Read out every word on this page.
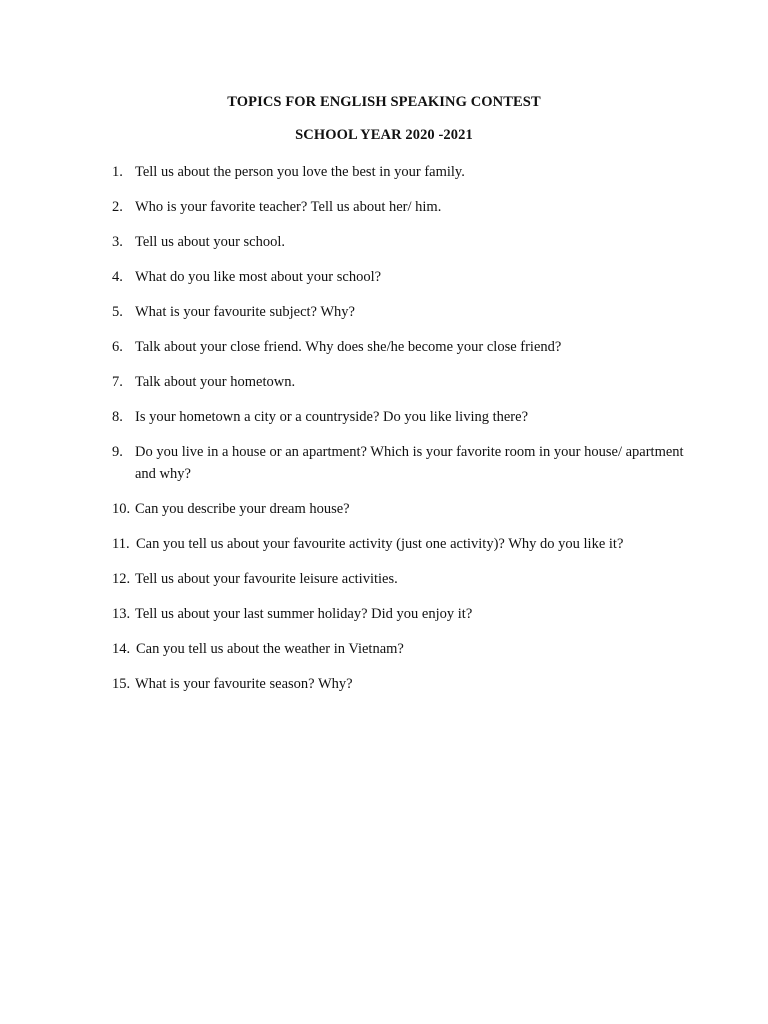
TOPICS FOR ENGLISH SPEAKING CONTEST
SCHOOL YEAR 2020 -2021
1. Tell us about the person you love the best in your family.
2. Who is your favorite teacher? Tell us about her/ him.
3. Tell us about your school.
4. What do you like most about your school?
5. What is your favourite subject? Why?
6. Talk about your close friend. Why does she/he become your close friend?
7. Talk about your hometown.
8. Is your hometown a city or a countryside? Do you like living there?
9. Do you live in a house or an apartment? Which is your favorite room in your house/ apartment and why?
10. Can you describe your dream house?
11. Can you tell us about your favourite activity (just one activity)? Why do you like it?
12. Tell us about your favourite leisure activities.
13. Tell us about your last summer holiday? Did you enjoy it?
14. Can you tell us about the weather in Vietnam?
15. What is your favourite season? Why?
